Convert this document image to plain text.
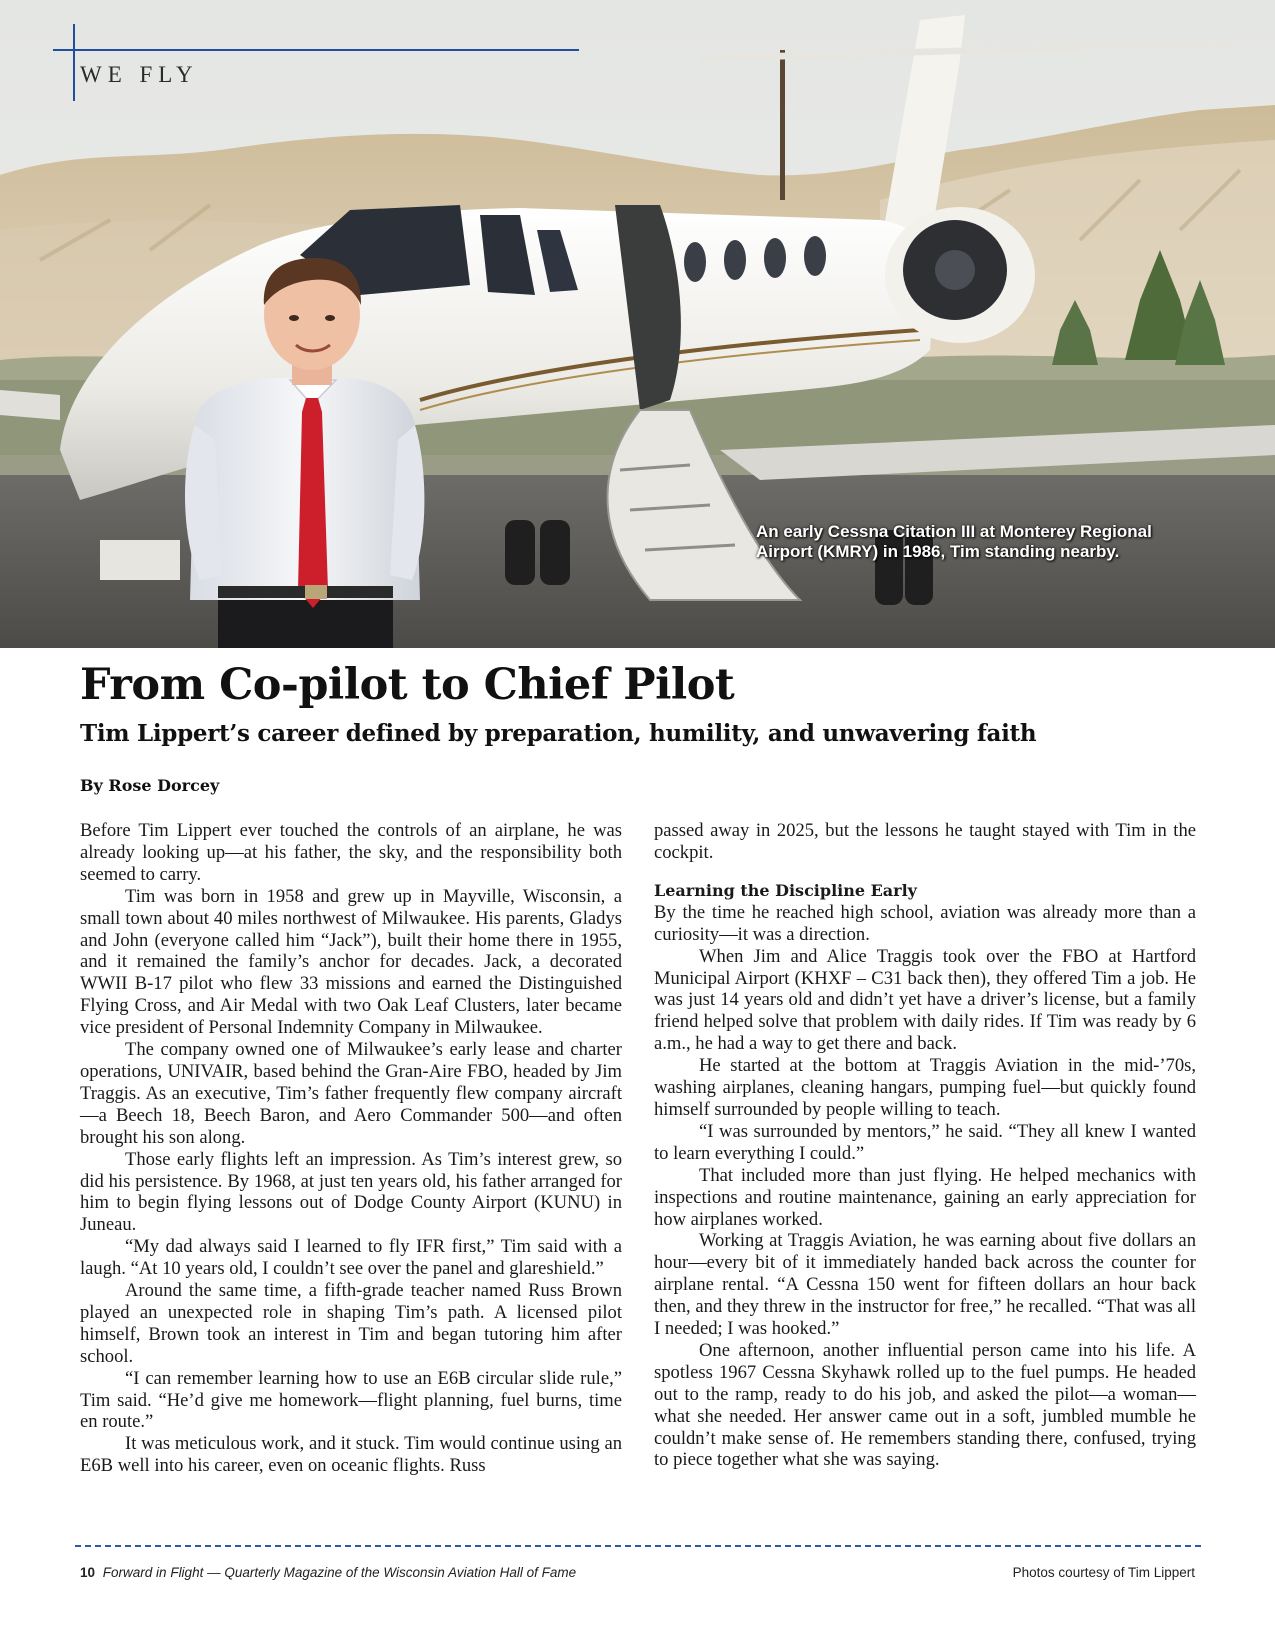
WE FLY
An early Cessna Citation III at Monterey Regional
Airport (KMRY) in 1986, Tim standing nearby.
From Co-pilot to Chief Pilot
Tim Lippert’s career defined by preparation, humility, and unwavering faith
By Rose Dorcey

Before Tim Lippert ever touched the controls of an airplane, he was already looking up—at his father, the sky, and the responsibility both seemed to carry.

Tim was born in 1958 and grew up in Mayville, Wisconsin, a small town about 40 miles northwest of Milwaukee. His parents, Gladys and John (everyone called him “Jack”), built their home there in 1955, and it remained the family’s anchor for decades. Jack, a decorated WWII B-17 pilot who flew 33 missions and earned the Distinguished Flying Cross, and Air Medal with two Oak Leaf Clusters, later became vice president of Personal Indemnity Company in Milwaukee.

The company owned one of Milwaukee’s early lease and charter operations, UNIVAIR, based behind the Gran-Aire FBO, headed by Jim Traggis. As an executive, Tim’s father frequently flew company aircraft—a Beech 18, Beech Baron, and Aero Commander 500—and often brought his son along.

Those early flights left an impression. As Tim’s interest grew, so did his persistence. By 1968, at just ten years old, his father arranged for him to begin flying lessons out of Dodge County Airport (KUNU) in Juneau.

“My dad always said I learned to fly IFR first,” Tim said with a laugh. “At 10 years old, I couldn’t see over the panel and glareshield.”

Around the same time, a fifth-grade teacher named Russ Brown played an unexpected role in shaping Tim’s path. A licensed pilot himself, Brown took an interest in Tim and began tutoring him after school.

“I can remember learning how to use an E6B circular slide rule,” Tim said. “He’d give me homework—flight planning, fuel burns, time en route.”

It was meticulous work, and it stuck. Tim would continue using an E6B well into his career, even on oceanic flights. Russ

passed away in 2025, but the lessons he taught stayed with Tim in the cockpit.

Learning the Discipline Early

By the time he reached high school, aviation was already more than a curiosity—it was a direction.

When Jim and Alice Traggis took over the FBO at Hartford Municipal Airport (KHXF – C31 back then), they offered Tim a job. He was just 14 years old and didn’t yet have a driver’s license, but a family friend helped solve that problem with daily rides. If Tim was ready by 6 a.m., he had a way to get there and back.

He started at the bottom at Traggis Aviation in the mid-’70s, washing airplanes, cleaning hangars, pumping fuel—but quickly found himself surrounded by people willing to teach.

“I was surrounded by mentors,” he said. “They all knew I wanted to learn everything I could.”

That included more than just flying. He helped mechanics with inspections and routine maintenance, gaining an early appreciation for how airplanes worked.

Working at Traggis Aviation, he was earning about five dollars an hour—every bit of it immediately handed back across the counter for airplane rental. “A Cessna 150 went for fifteen dollars an hour back then, and they threw in the instructor for free,” he recalled. “That was all I needed; I was hooked.”

One afternoon, another influential person came into his life. A spotless 1967 Cessna Skyhawk rolled up to the fuel pumps. He headed out to the ramp, ready to do his job, and asked the pilot—a woman—what she needed. Her answer came out in a soft, jumbled mumble he couldn’t make sense of. He remembers standing there, confused, trying to piece together what she was saying.

10 Forward in Flight — Quarterly Magazine of the Wisconsin Aviation Hall of Fame	Photos courtesy of Tim Lippert
